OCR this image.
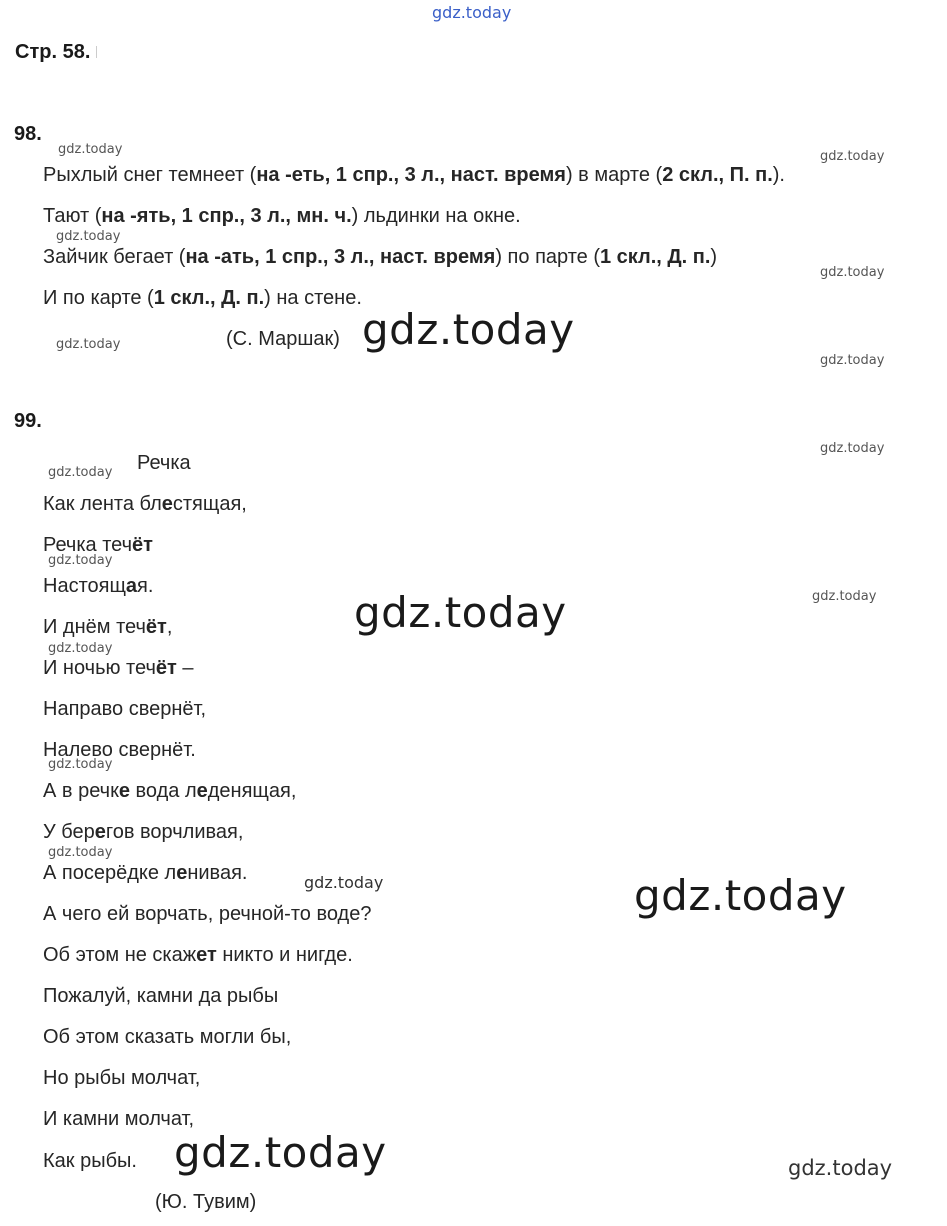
gdz.today
Стр. 58.
98.
Рыхлый снег темнеет (на -еть, 1 спр., 3 л., наст. время) в марте (2 скл., П. п.).
Тают (на -ять, 1 спр., 3 л., мн. ч.) льдинки на окне.
Зайчик бегает (на -ать, 1 спр., 3 л., наст. время) по парте (1 скл., Д. п.)
И по карте (1 скл., Д. п.) на стене.
(С. Маршак)
99.
Речка
Как лента блестящая,
Речка течёт
Настоящая.
И днём течёт,
И ночью течёт –
Направо свернёт,
Налево свернёт.
А в речке вода леденящая,
У берегов ворчливая,
А посерёдке ленивая.
А чего ей ворчать, речной-то воде?
Об этом не скажет никто и нигде.
Пожалуй, камни да рыбы
Об этом сказать могли бы,
Но рыбы молчат,
И камни молчат,
Как рыбы.
(Ю. Тувим)
gdz.today	gdz.today
gdz.today
gdz.today
gdz.today
gdz.today
gdz.today
gdz.today
gdz.today
gdz.today
gdz.today
gdz.today
gdz.today
gdz.today
gdz.today
gdz.today
gdz.today
gdz.today
gdz.today
